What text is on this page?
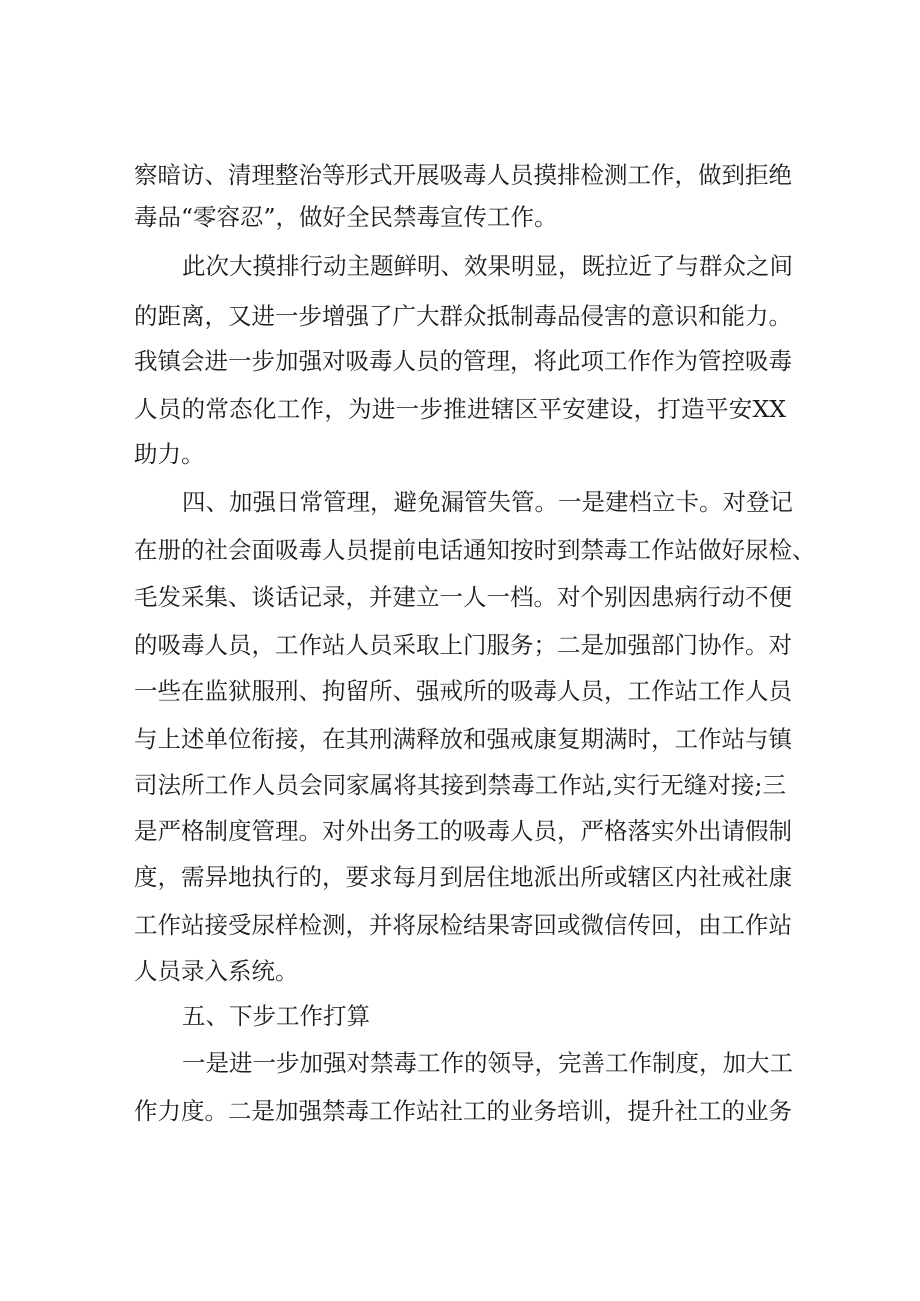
察暗访、清理整治等形式开展吸毒人员摸排检测工作，做到拒绝
毒品“零容忍”，做好全民禁毒宣传工作。
此次大摸排行动主题鲜明、效果明显，既拉近了与群众之间
的距离，又进一步增强了广大群众抵制毒品侵害的意识和能力。
我镇会进一步加强对吸毒人员的管理，将此项工作作为管控吸毒
人员的常态化工作，为进一步推进辖区平安建设，打造平安XX
助力。
四、加强日常管理，避免漏管失管。一是建档立卡。对登记
在册的社会面吸毒人员提前电话通知按时到禁毒工作站做好尿检、
毛发采集、谈话记录，并建立一人一档。对个别因患病行动不便
的吸毒人员，工作站人员采取上门服务；二是加强部门协作。对
一些在监狱服刑、拘留所、强戒所的吸毒人员，工作站工作人员
与上述单位衔接，在其刑满释放和强戒康复期满时，工作站与镇
司法所工作人员会同家属将其接到禁毒工作站,实行无缝对接;三
是严格制度管理。对外出务工的吸毒人员，严格落实外出请假制
度，需异地执行的，要求每月到居住地派出所或辖区内社戒社康
工作站接受尿样检测，并将尿检结果寄回或微信传回，由工作站
人员录入系统。
五、下步工作打算
一是进一步加强对禁毒工作的领导，完善工作制度，加大工
作力度。二是加强禁毒工作站社工的业务培训，提升社工的业务
